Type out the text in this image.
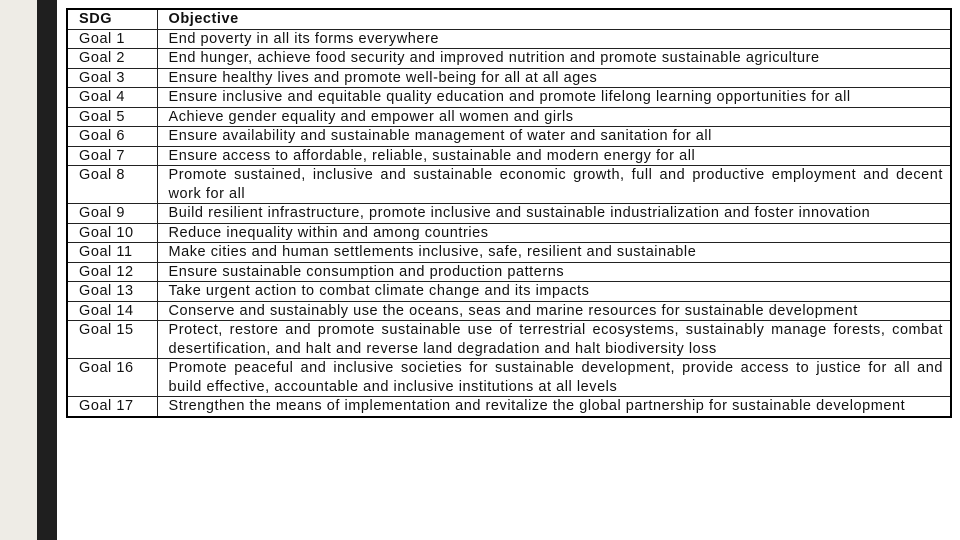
SDG	Objective
Goal 1	End poverty in all its forms everywhere
Goal 2	End hunger, achieve food security and improved nutrition and promote sustainable agriculture
Goal 3	Ensure healthy lives and promote well-being for all at all ages
Goal 4	Ensure inclusive and equitable quality education and promote lifelong learning opportunities for all
Goal 5	Achieve gender equality and empower all women and girls
Goal 6	Ensure availability and sustainable management of water and sanitation for all
Goal 7	Ensure access to affordable, reliable, sustainable and modern energy for all
Goal 8	Promote sustained, inclusive and sustainable economic growth, full and productive employment and decent work for all
Goal 9	Build resilient infrastructure, promote inclusive and sustainable industrialization and foster innovation
Goal 10	Reduce inequality within and among countries
Goal 11	Make cities and human settlements inclusive, safe, resilient and sustainable
Goal 12	Ensure sustainable consumption and production patterns
Goal 13	Take urgent action to combat climate change and its impacts
Goal 14	Conserve and sustainably use the oceans, seas and marine resources for sustainable development
Goal 15	Protect, restore and promote sustainable use of terrestrial ecosystems, sustainably manage forests, combat desertification, and halt and reverse land degradation and halt biodiversity loss
Goal 16	Promote peaceful and inclusive societies for sustainable development, provide access to justice for all and build effective, accountable and inclusive institutions at all levels
Goal 17	Strengthen the means of implementation and revitalize the global partnership for sustainable development
